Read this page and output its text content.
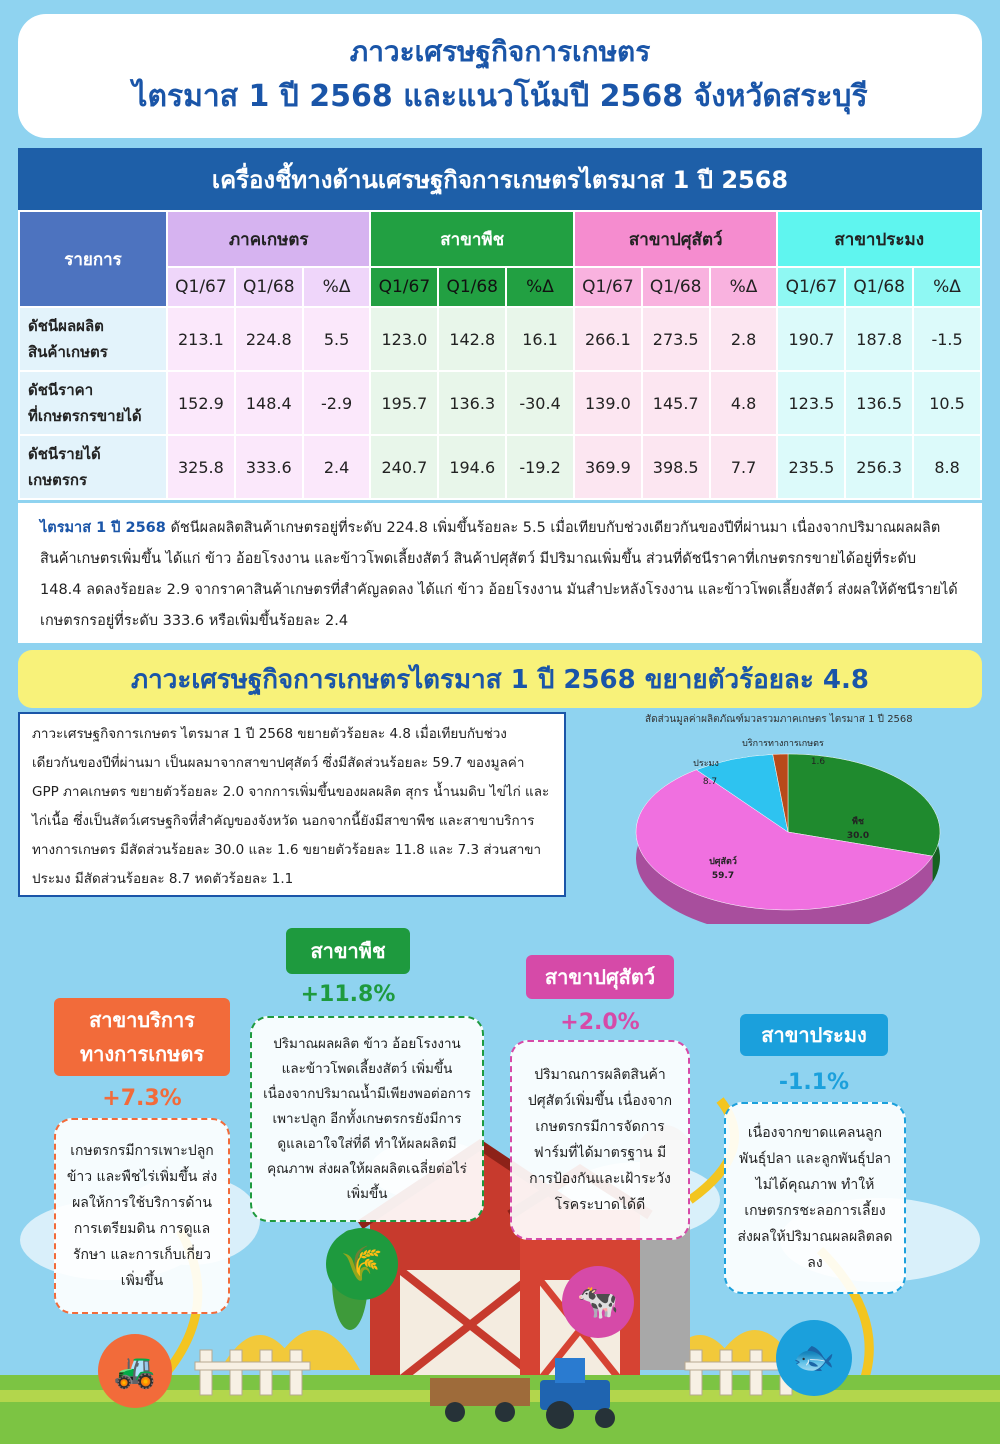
ภาวะเศรษฐกิจการเกษตร
ไตรมาส 1 ปี 2568 และแนวโน้มปี 2568 จังหวัดสระบุรี
เครื่องชี้ทางด้านเศรษฐกิจการเกษตรไตรมาส 1 ปี 2568
รายการ	ภาคเกษตร			สาขาพืช			สาขาปศุสัตว์			สาขาประมง		
	Q1/67	Q1/68	%Δ	Q1/67	Q1/68	%Δ	Q1/67	Q1/68	%Δ	Q1/67	Q1/68	%Δ

ดัชนีผลผลิต
สินค้าเกษตร	213.1	224.8	5.5	123.0	142.8	16.1	266.1	273.5	2.8	190.7	187.8	-1.5

ดัชนีราคา
ที่เกษตรกรขายได้	152.9	148.4	-2.9	195.7	136.3	-30.4	139.0	145.7	4.8	123.5	136.5	10.5

ดัชนีรายได้
เกษตรกร	325.8	333.6	2.4	240.7	194.6	-19.2	369.9	398.5	7.7	235.5	256.3	8.8
ไตรมาส 1 ปี 2568 ดัชนีผลผลิตสินค้าเกษตรอยู่ที่ระดับ 224.8 เพิ่มขึ้นร้อยละ 5.5 เมื่อเทียบกับช่วงเดียวกันของปีที่ผ่านมา เนื่องจากปริมาณผลผลิตสินค้าเกษตรเพิ่มขึ้น ได้แก่ ข้าว อ้อยโรงงาน และข้าวโพดเลี้ยงสัตว์ สินค้าปศุสัตว์ มีปริมาณเพิ่มขึ้น ส่วนที่ดัชนีราคาที่เกษตรกรขายได้อยู่ที่ระดับ 148.4 ลดลงร้อยละ 2.9 จากราคาสินค้าเกษตรที่สำคัญลดลง ได้แก่ ข้าว อ้อยโรงงาน มันสำปะหลังโรงงาน และข้าวโพดเลี้ยงสัตว์ ส่งผลให้ดัชนีรายได้เกษตรกรอยู่ที่ระดับ 333.6 หรือเพิ่มขึ้นร้อยละ 2.4
ภาวะเศรษฐกิจการเกษตรไตรมาส 1 ปี 2568 ขยายตัวร้อยละ 4.8
ภาวะเศรษฐกิจการเกษตร ไตรมาส 1 ปี 2568 ขยายตัวร้อยละ 4.8 เมื่อเทียบกับช่วงเดียวกันของปีที่ผ่านมา เป็นผลมาจากสาขาปศุสัตว์ ซึ่งมีสัดส่วนร้อยละ 59.7 ของมูลค่า GPP ภาคเกษตร ขยายตัวร้อยละ 2.0 จากการเพิ่มขึ้นของผลผลิต สุกร น้ำนมดิบ ไข่ไก่ และไก่เนื้อ ซึ่งเป็นสัตว์เศรษฐกิจที่สำคัญของจังหวัด นอกจากนี้ยังมีสาขาพืช และสาขาบริการทางการเกษตร มีสัดส่วนร้อยละ 30.0 และ 1.6 ขยายตัวร้อยละ 11.8 และ 7.3 ส่วนสาขาประมง มีสัดส่วนร้อยละ 8.7 หดตัวร้อยละ 1.1
สัดส่วนมูลค่าผลิตภัณฑ์มวลรวมภาคเกษตร ไตรมาส 1 ปี 2568
พืช
30.0
ปศุสัตว์
59.7
ประมง
8.7
บริการทางการเกษตร
1.6
สาขาบริการ
ทางการเกษตร
+7.3%
เกษตรกรมีการเพาะปลูกข้าว และพืชไร่เพิ่มขึ้น ส่งผลให้การใช้บริการด้านการเตรียมดิน การดูแลรักษา และการเก็บเกี่ยวเพิ่มขึ้น
สาขาพืช
+11.8%
ปริมาณผลผลิต ข้าว อ้อยโรงงาน และข้าวโพดเลี้ยงสัตว์ เพิ่มขึ้น เนื่องจากปริมาณน้ำมีเพียงพอต่อการเพาะปลูก อีกทั้งเกษตรกรยังมีการดูแลเอาใจใส่ที่ดี ทำให้ผลผลิตมีคุณภาพ ส่งผลให้ผลผลิตเฉลี่ยต่อไร่เพิ่มขึ้น
สาขาปศุสัตว์
+2.0%
ปริมาณการผลิตสินค้าปศุสัตว์เพิ่มขึ้น เนื่องจากเกษตรกรมีการจัดการฟาร์มที่ได้มาตรฐาน มีการป้องกันและเฝ้าระวังโรคระบาดได้ดี
สาขาประมง
-1.1%
เนื่องจากขาดแคลนลูกพันธุ์ปลา และลูกพันธุ์ปลาไม่ได้คุณภาพ ทำให้เกษตรกรชะลอการเลี้ยง ส่งผลให้ปริมาณผลผลิตลดลง
🚜
🌾
🐄
🐟
